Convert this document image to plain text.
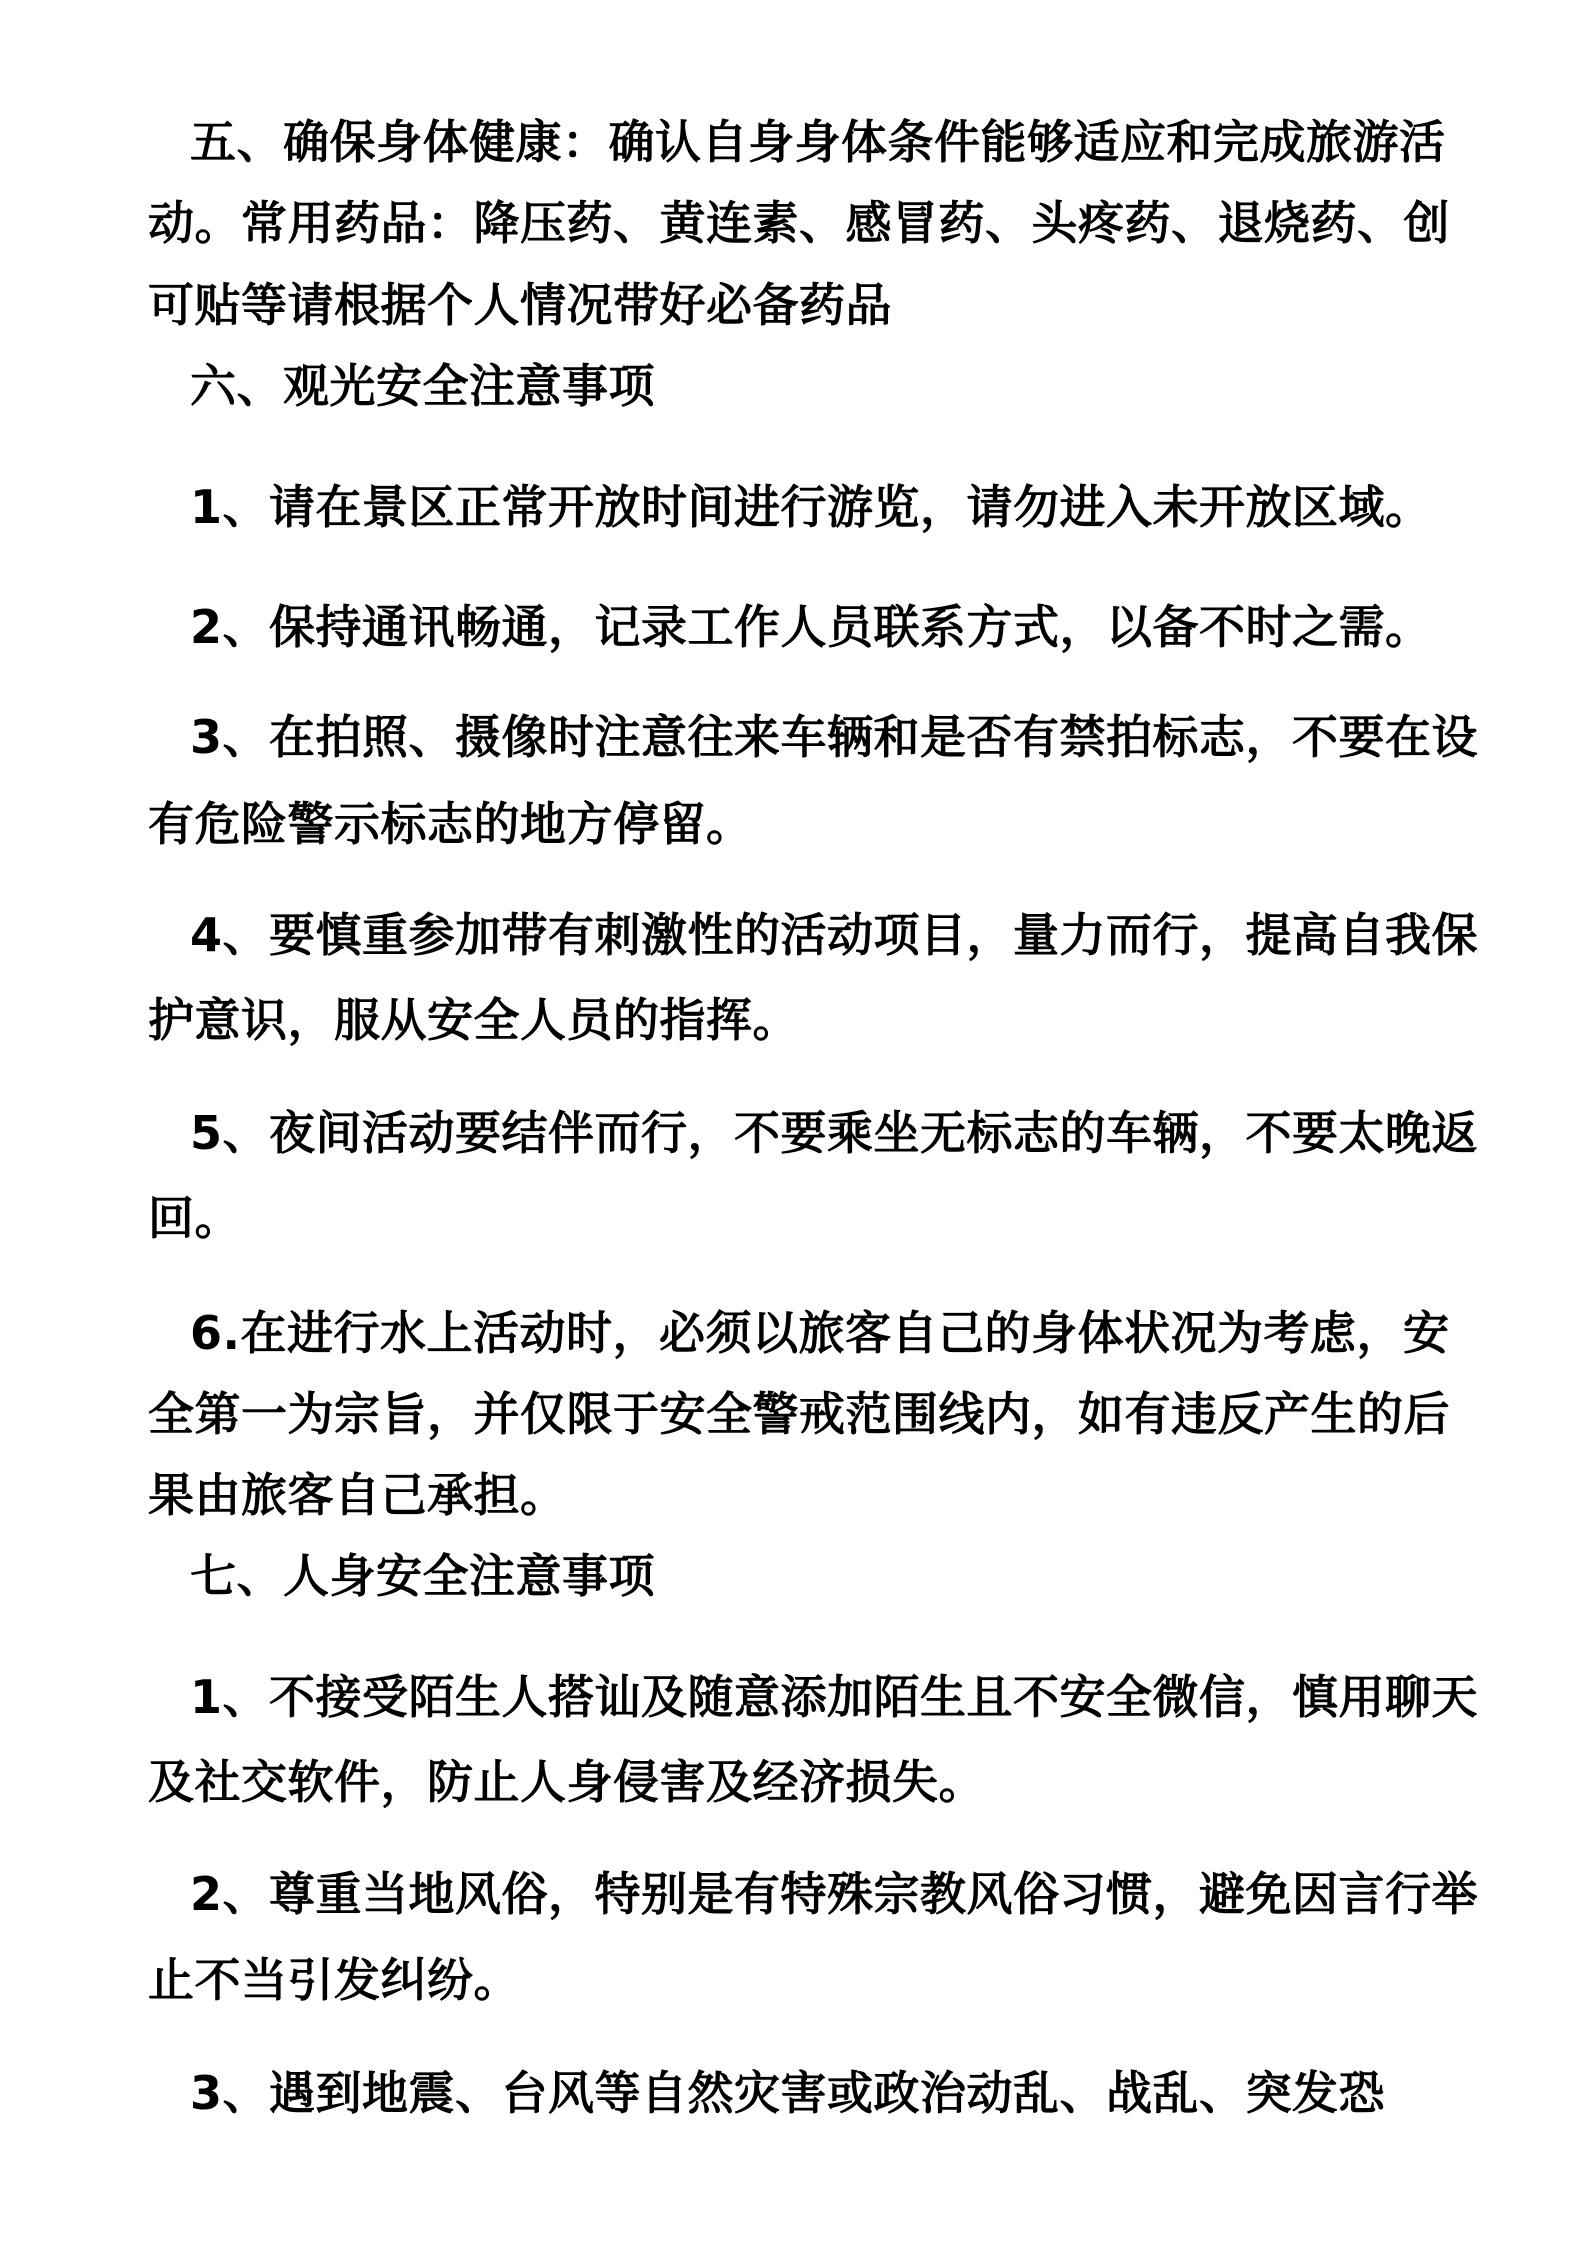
五、确保身体健康：确认自身身体条件能够适应和完成旅游活
动。常用药品：降压药、黄连素、感冒药、头疼药、退烧药、创
可贴等请根据个人情况带好必备药品
六、观光安全注意事项
1、请在景区正常开放时间进行游览，请勿进入未开放区域。
2、保持通讯畅通，记录工作人员联系方式，以备不时之需。
3、在拍照、摄像时注意往来车辆和是否有禁拍标志，不要在设
有危险警示标志的地方停留。
4、要慎重参加带有刺激性的活动项目，量力而行，提高自我保
护意识，服从安全人员的指挥。
5、夜间活动要结伴而行，不要乘坐无标志的车辆，不要太晚返
回。
6.在进行水上活动时，必须以旅客自己的身体状况为考虑，安
全第一为宗旨，并仅限于安全警戒范围线内，如有违反产生的后
果由旅客自己承担。
七、人身安全注意事项
1、不接受陌生人搭讪及随意添加陌生且不安全微信，慎用聊天
及社交软件，防止人身侵害及经济损失。
2、尊重当地风俗，特别是有特殊宗教风俗习惯，避免因言行举
止不当引发纠纷。
3、遇到地震、台风等自然灾害或政治动乱、战乱、突发恐
